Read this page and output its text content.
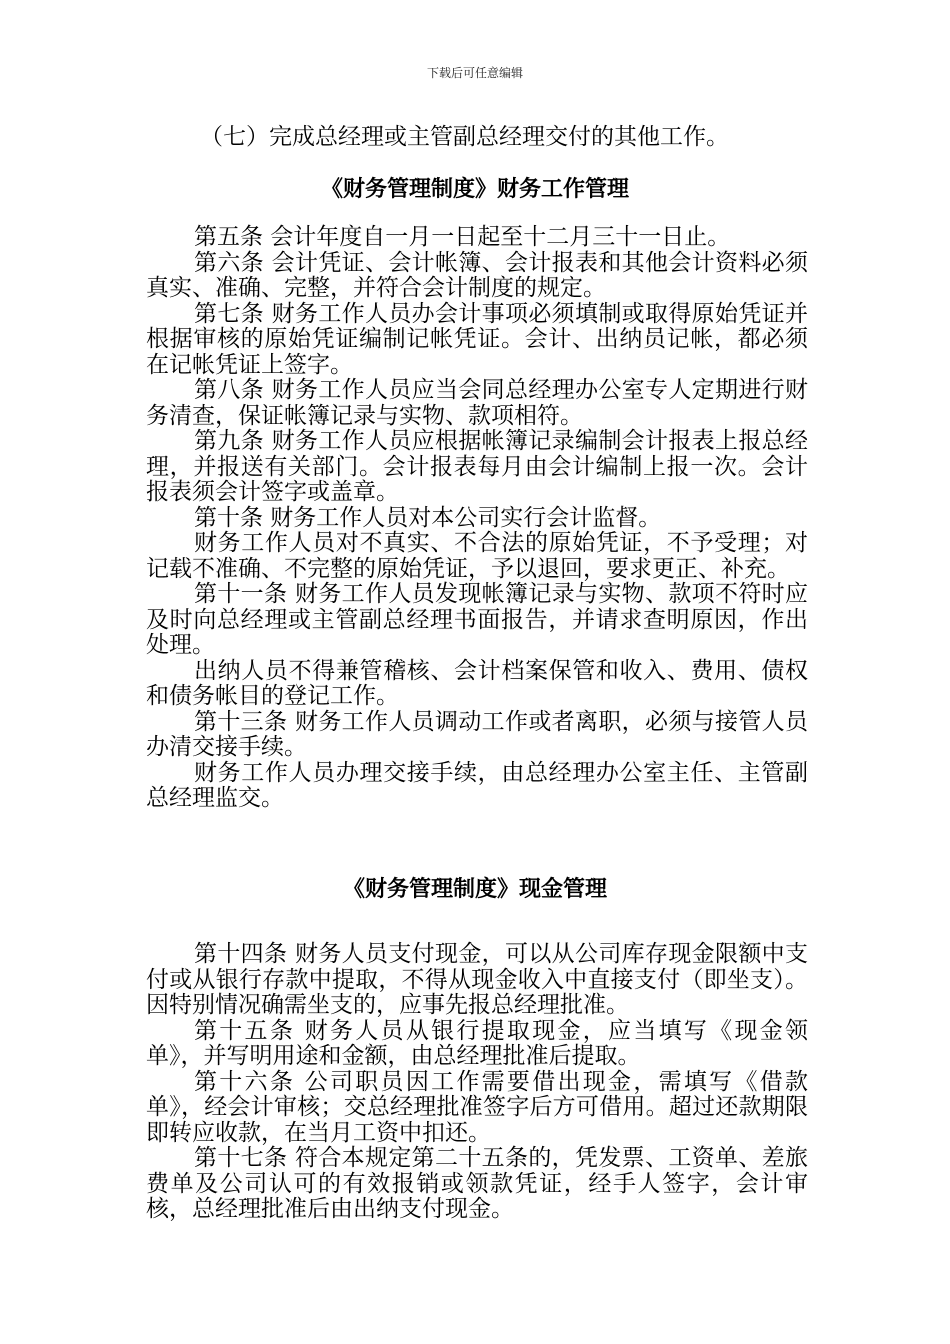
下载后可任意编辑
（七）完成总经理或主管副总经理交付的其他工作。
《财务管理制度》财务工作管理

第五条 会计年度自一月一日起至十二月三十一日止。

第六条 会计凭证、会计帐簿、会计报表和其他会计资料必须真实、准确、完整，并符合会计制度的规定。

第七条 财务工作人员办会计事项必须填制或取得原始凭证并根据审核的原始凭证编制记帐凭证。会计、出纳员记帐，都必须在记帐凭证上签字。

第八条 财务工作人员应当会同总经理办公室专人定期进行财务清查，保证帐簿记录与实物、款项相符。

第九条 财务工作人员应根据帐簿记录编制会计报表上报总经理，并报送有关部门。会计报表每月由会计编制上报一次。会计报表须会计签字或盖章。

第十条 财务工作人员对本公司实行会计监督。

财务工作人员对不真实、不合法的原始凭证，不予受理；对记载不准确、不完整的原始凭证，予以退回，要求更正、补充。

第十一条 财务工作人员发现帐簿记录与实物、款项不符时应及时向总经理或主管副总经理书面报告，并请求查明原因，作出处理。

出纳人员不得兼管稽核、会计档案保管和收入、费用、债权和债务帐目的登记工作。

第十三条 财务工作人员调动工作或者离职，必须与接管人员办清交接手续。

财务工作人员办理交接手续，由总经理办公室主任、主管副总经理监交。

《财务管理制度》现金管理

第十四条 财务人员支付现金，可以从公司库存现金限额中支付或从银行存款中提取，不得从现金收入中直接支付（即坐支）。因特别情况确需坐支的，应事先报总经理批准。

第十五条 财务人员从银行提取现金，应当填写《现金领单》，并写明用途和金额，由总经理批准后提取。

第十六条 公司职员因工作需要借出现金，需填写《借款单》，经会计审核；交总经理批准签字后方可借用。超过还款期限即转应收款，在当月工资中扣还。

第十七条 符合本规定第二十五条的，凭发票、工资单、差旅费单及公司认可的有效报销或领款凭证，经手人签字，会计审核，总经理批准后由出纳支付现金。
